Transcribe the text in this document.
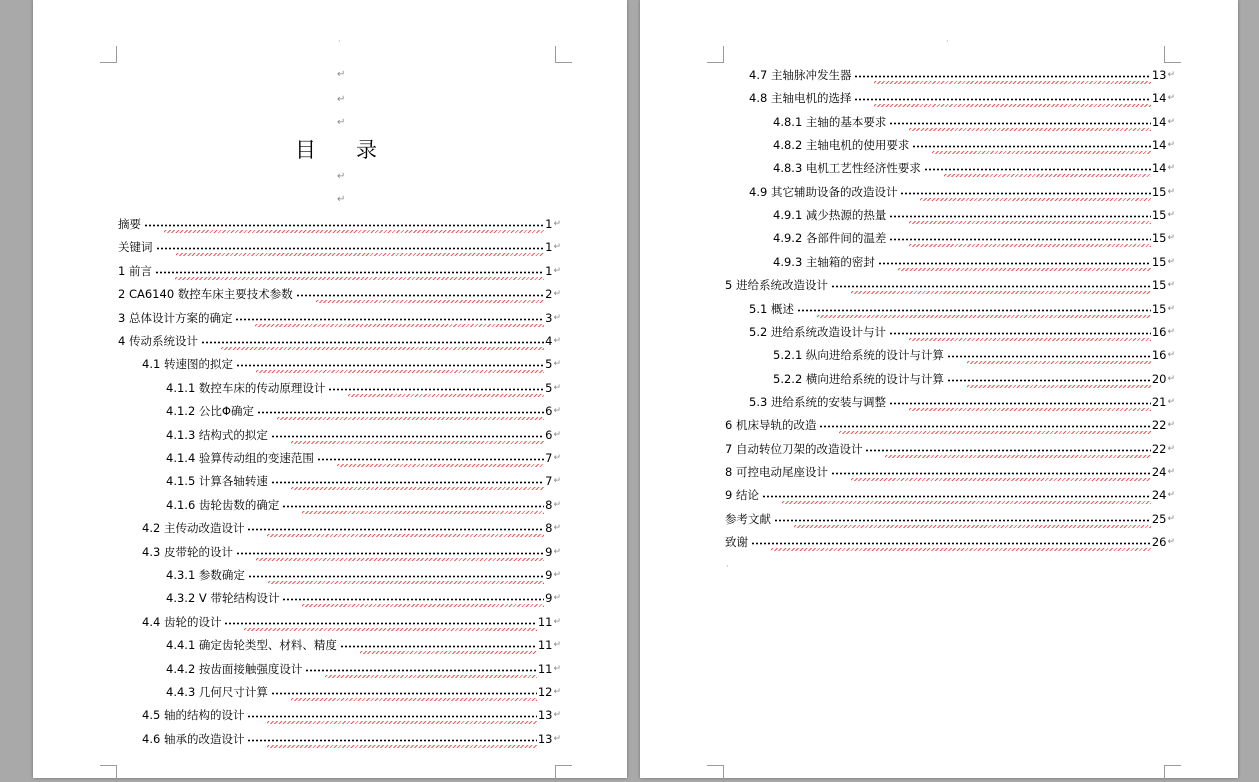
·
↵
↵
↵
目 录
↵
↵
摘要	1 ↵
关键词	1 ↵
1 前言	1 ↵
2 CA6140 数控车床主要技术参数	2 ↵
3 总体设计方案的确定	3 ↵
4 传动系统设计	4 ↵
4.1 转速图的拟定	5 ↵
4.1.1 数控车床的传动原理设计	5 ↵
4.1.2 公比Φ确定	6 ↵
4.1.3 结构式的拟定	6 ↵
4.1.4 验算传动组的变速范围	7 ↵
4.1.5 计算各轴转速	7 ↵
4.1.6 齿轮齿数的确定	8 ↵
4.2 主传动改造设计	8 ↵
4.3 皮带轮的设计	9 ↵
4.3.1 参数确定	9 ↵
4.3.2 V 带轮结构设计	9 ↵
4.4 齿轮的设计	11 ↵
4.4.1 确定齿轮类型、材料、精度	11 ↵
4.4.2 按齿面接触强度设计	11 ↵
4.4.3 几何尺寸计算	12 ↵
4.5 轴的结构的设计	13 ↵
4.6 轴承的改造设计	13 ↵
·
·
4.7 主轴脉冲发生器	13 ↵
4.8 主轴电机的选择	14 ↵
4.8.1 主轴的基本要求	14 ↵
4.8.2 主轴电机的使用要求	14 ↵
4.8.3 电机工艺性经济性要求	14 ↵
4.9 其它辅助设备的改造设计	15 ↵
4.9.1 减少热源的热量	15 ↵
4.9.2 各部件间的温差	15 ↵
4.9.3 主轴箱的密封	15 ↵
5 进给系统改造设计	15 ↵
5.1 概述	15 ↵
5.2 进给系统改造设计与计	16 ↵
5.2.1 纵向进给系统的设计与计算	16 ↵
5.2.2 横向进给系统的设计与计算	20 ↵
5.3 进给系统的安装与调整	21 ↵
6 机床导轨的改造	22 ↵
7 自动转位刀架的改造设计	22 ↵
8 可控电动尾座设计	24 ↵
9 结论	24 ↵
参考文献	25 ↵
致谢	26 ↵
